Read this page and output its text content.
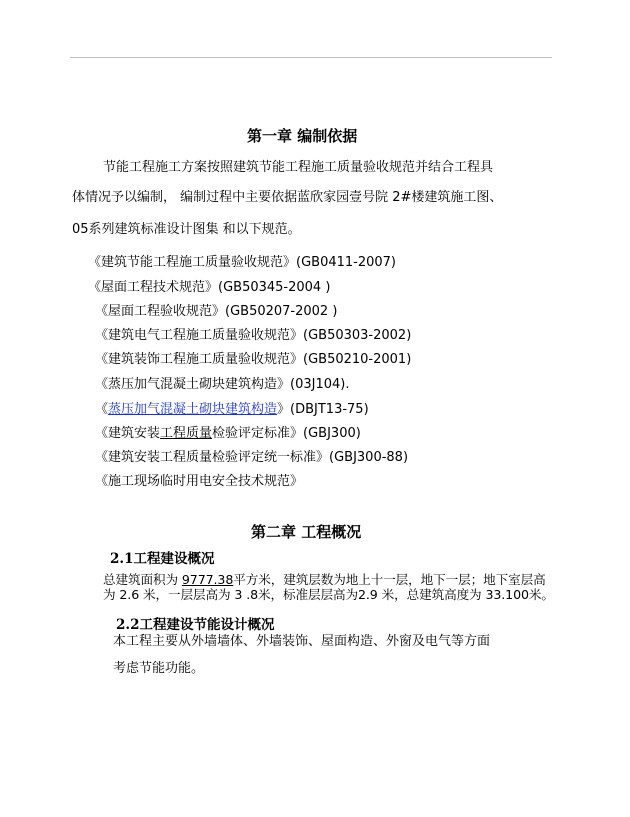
第一章 编制依据
节能工程施工方案按照建筑节能工程施工质量验收规范并结合工程具
体情况予以编制， 编制过程中主要依据蓝欣家园壹号院 2#楼建筑施工图、
05系列建筑标准设计图集 和以下规范。
《建筑节能工程施工质量验收规范》(GB0411-2007)
《屋面工程技术规范》(GB50345-2004 )
《屋面工程验收规范》(GB50207-2002 )
《建筑电气工程施工质量验收规范》(GB50303-2002)
《建筑装饰工程施工质量验收规范》(GB50210-2001)
《蒸压加气混凝土砌块建筑构造》(03J104).
《蒸压加气混凝土砌块建筑构造》(DBJT13-75)
《建筑安装工程质量检验评定标准》(GBJ300)
《建筑安装工程质量检验评定统一标准》(GBJ300-88)
《施工现场临时用电安全技术规范》
第二章 工程概况
2.1工程建设概况
总建筑面积为 9777.38平方米，建筑层数为地上十一层，地下一层；地下室层高
为 2.6 米，一层层高为 3 .8米，标准层层高为2.9 米，总建筑高度为 33.100米。
2.2工程建设节能设计概况
本工程主要从外墙墙体、外墙装饰、屋面构造、外窗及电气等方面
考虑节能功能。
